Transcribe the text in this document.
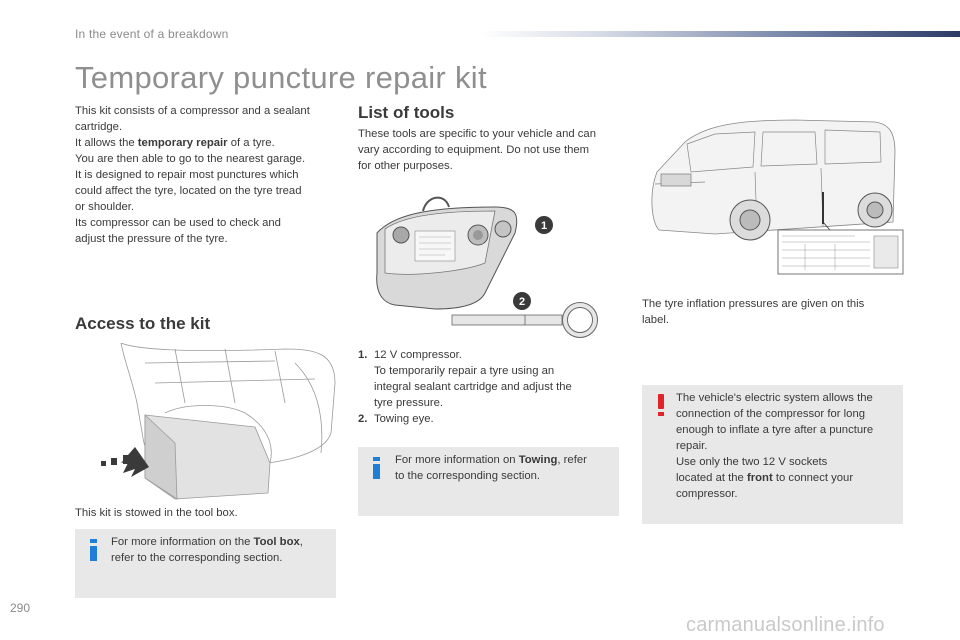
In the event of a breakdown
Temporary puncture repair kit

This kit consists of a compressor and a sealant

cartridge.

It allows the temporary repair of a tyre.

You are then able to go to the nearest garage.

It is designed to repair most punctures which

could affect the tyre, located on the tyre tread

or shoulder.

Its compressor can be used to check and

adjust the pressure of the tyre.

Access to the kit
This kit is stowed in the tool box.
For more information on the Tool box,
refer to the corresponding section.
List of tools

These tools are specific to your vehicle and can

vary according to equipment. Do not use them

for other purposes.

1
2
1. 12 V compressor.
To temporarily repair a tyre using an
integral sealant cartridge and adjust the
tyre pressure.
2. Towing eye.
For more information on Towing, refer
to the corresponding section.

The tyre inflation pressures are given on this

label.

The vehicle's electric system allows the
connection of the compressor for long
enough to inflate a tyre after a puncture
repair.
Use only the two 12 V sockets
located at the front to connect your
compressor.
290
carmanualsonline.info
